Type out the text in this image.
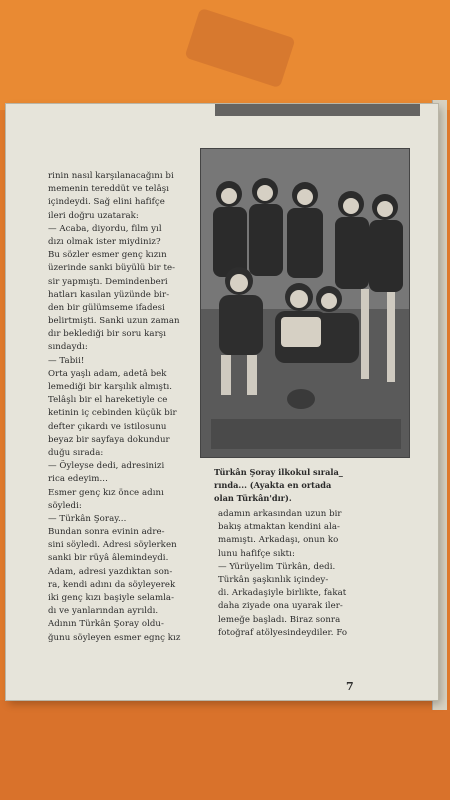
rinin nasıl karşılanacağını bi
memenin tereddüt ve telâşı
içindeydi. Sağ elini hafifçe
ileri doğru uzatarak:
— Acaba, diyordu, film yıl
dızı olmak ister miydiniz?
Bu sözler esmer genç kızın
üzerinde sanki büyülü bir te-
sir yapmıştı. Demindenberi
hatları kasılan yüzünde bir-
den bir gülümseme ifadesi
belirtmişti. Sanki uzun zaman
dır beklediği bir soru karşı
sındaydı:
— Tabii!
Orta yaşlı adam, adetâ bek
lemediği bir karşılık almıştı.
Telâşlı bir el hareketiyle ce
ketinin iç cebinden küçük bir
defter çıkardı ve istilosunu
beyaz bir sayfaya dokundur
duğu sırada:
— Öyleyse dedi, adresinizi
rica edeyim...
Esmer genç kız önce adını
söyledi:
— Türkân Şoray...
Bundan sonra evinin adre-
sini söyledi. Adresi söylerken
sanki bir rüyâ âlemindeydi.
Adam, adresi yazdıktan son-
ra, kendi adını da söyleyerek
iki genç kızı başiyle selamla-
dı ve yanlarından ayrıldı.
Adının Türkân Şoray oldu-
ğunu söyleyen esmer egnç kız
Türkân Şoray ilkokul sırala_
rında... (Ayakta en ortada
olan Türkân'dır).
adamın arkasından uzun bir
bakış atmaktan kendini ala-
mamıştı. Arkadaşı, onun ko
lunu hafifçe sıktı:
— Yürüyelim Türkân, dedi.
Türkân şaşkınlık içindey-
di. Arkadaşiyle birlikte, fakat
daha ziyade ona uyarak iler-
lemeğe başladı. Biraz sonra
fotoğraf atölyesindeydiler. Fo
7
